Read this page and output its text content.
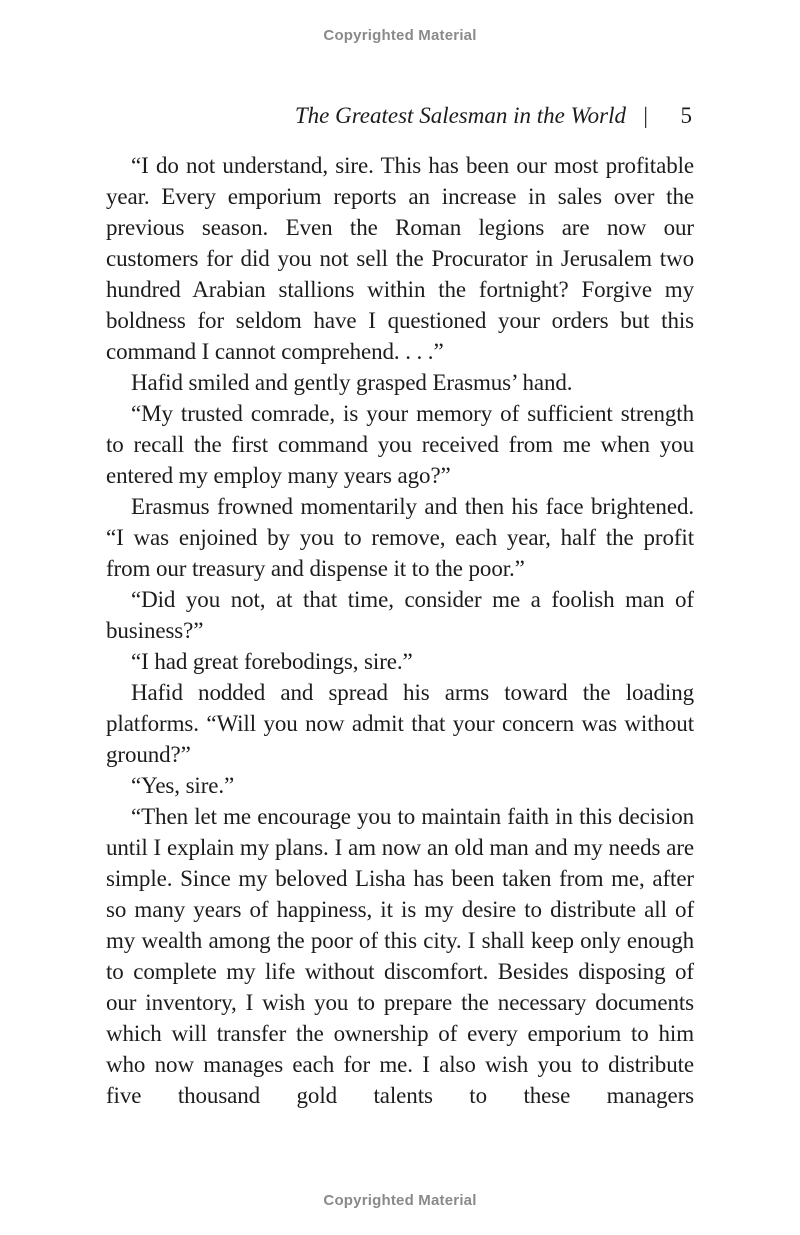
Copyrighted Material
The Greatest Salesman in the World | 5

“I do not understand, sire. This has been our most profitable year. Every emporium reports an increase in sales over the previous season. Even the Roman legions are now our customers for did you not sell the Procurator in Jerusalem two hundred Arabian stallions within the fortnight? Forgive my boldness for seldom have I questioned your orders but this command I cannot comprehend. . . .”

Hafid smiled and gently grasped Erasmus’ hand.

“My trusted comrade, is your memory of sufficient strength to recall the first command you received from me when you entered my employ many years ago?”

Erasmus frowned momentarily and then his face brightened. “I was enjoined by you to remove, each year, half the profit from our treasury and dispense it to the poor.”

“Did you not, at that time, consider me a foolish man of business?”

“I had great forebodings, sire.”

Hafid nodded and spread his arms toward the loading platforms. “Will you now admit that your concern was without ground?”

“Yes, sire.”

“Then let me encourage you to maintain faith in this decision until I explain my plans. I am now an old man and my needs are simple. Since my beloved Lisha has been taken from me, after so many years of happiness, it is my desire to distribute all of my wealth among the poor of this city. I shall keep only enough to complete my life without discomfort. Besides disposing of our inventory, I wish you to prepare the necessary documents which will transfer the ownership of every emporium to him who now manages each for me. I also wish you to distribute five thousand gold talents to these managers

Copyrighted Material
